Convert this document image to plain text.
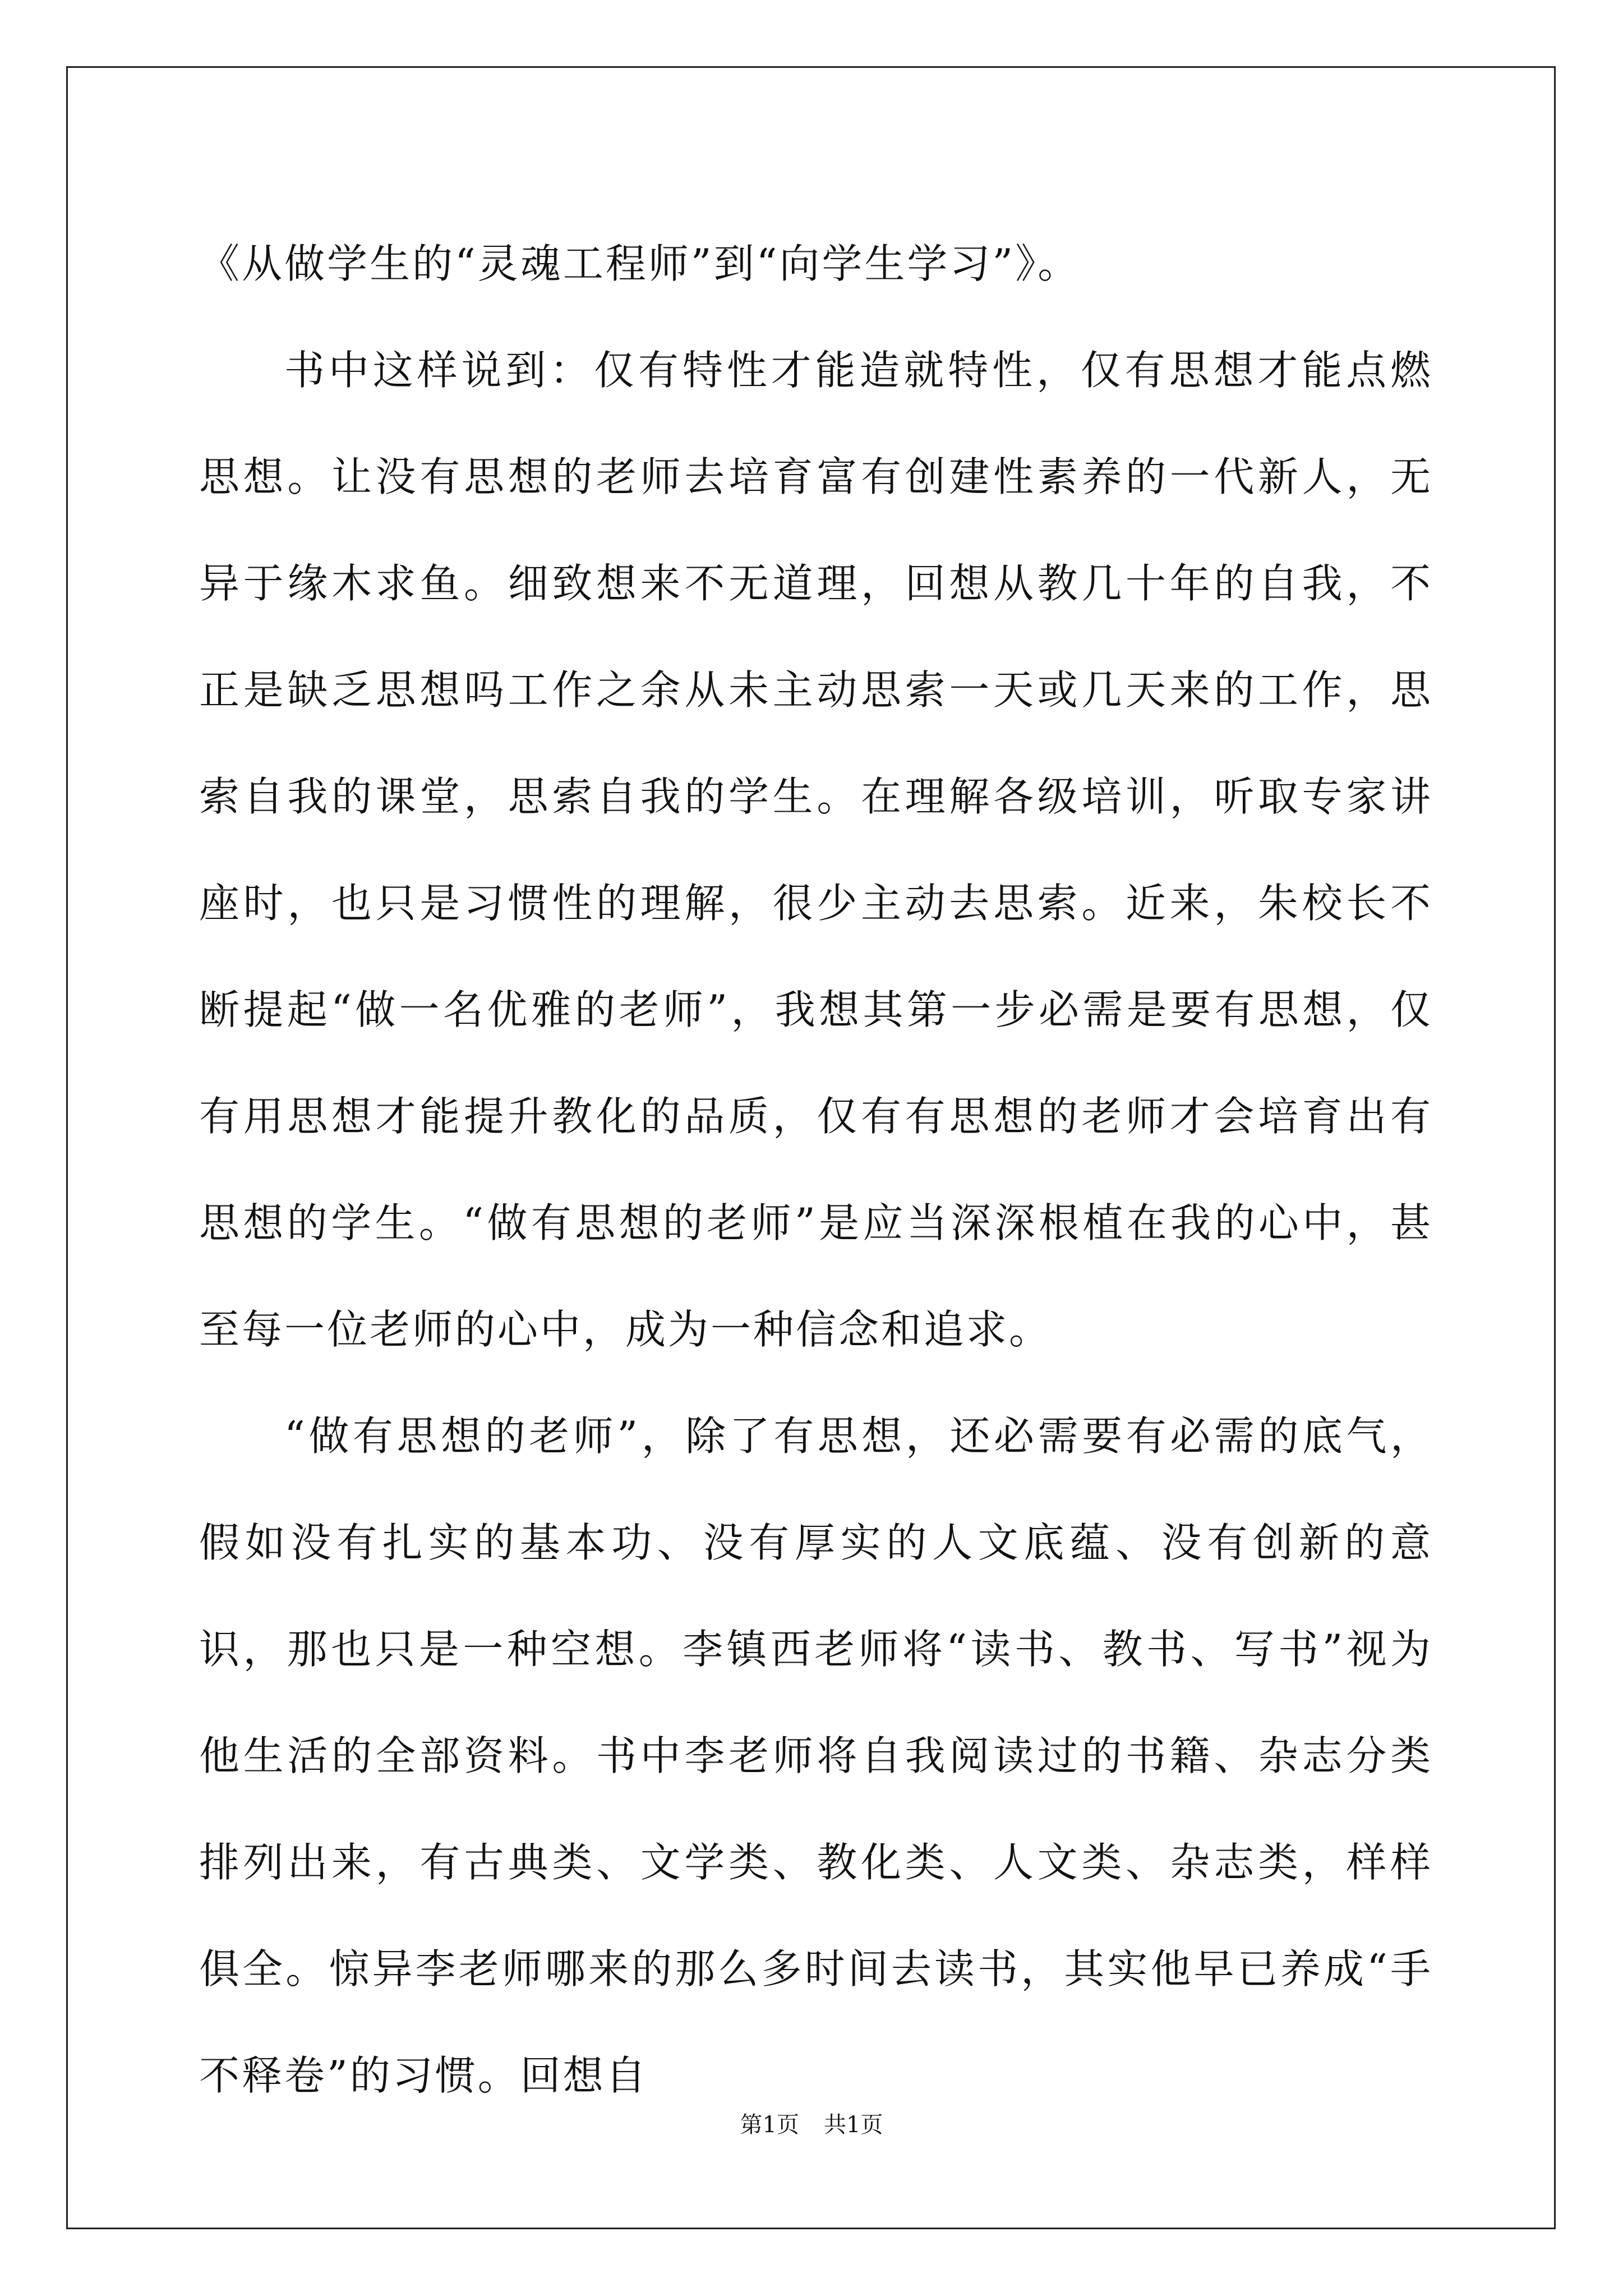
《从做学生的“灵魂工程师”到“向学生学习”》。

书中这样说到：仅有特性才能造就特性，仅有思想才能点燃思想。让没有思想的老师去培育富有创建性素养的一代新人，无异于缘木求鱼。细致想来不无道理，回想从教几十年的自我，不正是缺乏思想吗工作之余从未主动思索一天或几天来的工作，思索自我的课堂，思索自我的学生。在理解各级培训，听取专家讲座时，也只是习惯性的理解，很少主动去思索。近来，朱校长不断提起“做一名优雅的老师”，我想其第一步必需是要有思想，仅有用思想才能提升教化的品质，仅有有思想的老师才会培育出有思想的学生。“做有思想的老师”是应当深深根植在我的心中，甚至每一位老师的心中，成为一种信念和追求。

“做有思想的老师”，除了有思想，还必需要有必需的底气，假如没有扎实的基本功、没有厚实的人文底蕴、没有创新的意识，那也只是一种空想。李镇西老师将“读书、教书、写书”视为他生活的全部资料。书中李老师将自我阅读过的书籍、杂志分类排列出来，有古典类、文学类、教化类、人文类、杂志类，样样俱全。惊异李老师哪来的那么多时间去读书，其实他早已养成“手不释卷”的习惯。回想自

第1页 共1页
